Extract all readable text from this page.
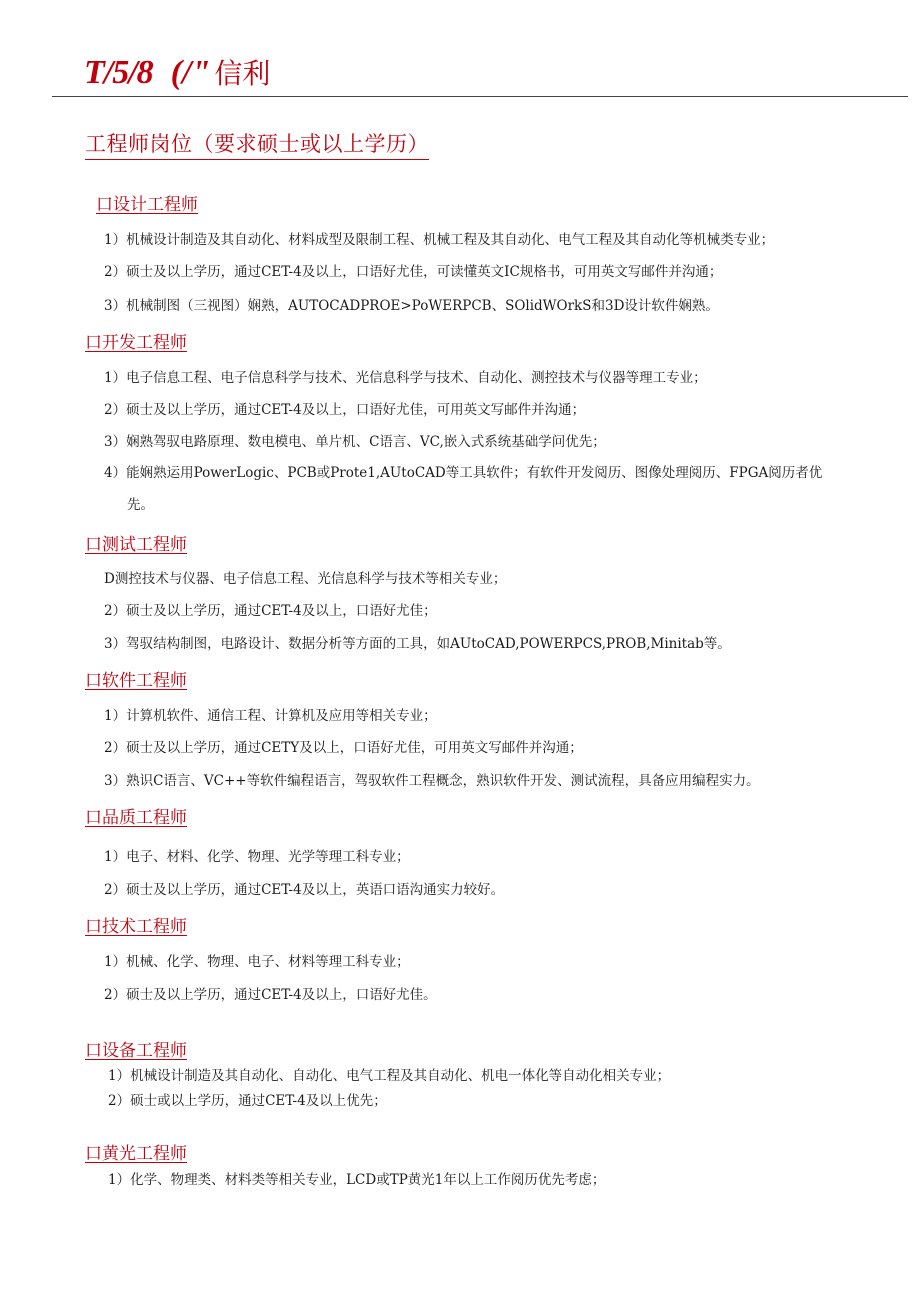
T/5/8 (/" 信利
工程师岗位（要求硕士或以上学历）
口设计工程师
1）机械设计制造及其自动化、材料成型及限制工程、机械工程及其自动化、电气工程及其自动化等机械类专业；
2）硕士及以上学历，通过CET-4及以上，口语好尤佳，可读懂英文IC规格书，可用英文写邮件并沟通；
3）机械制图（三视图）娴熟，AUTOCADPROE>PoWERPCB、SOlidWOrkS和3D设计软件娴熟。
口开发工程师
1）电子信息工程、电子信息科学与技术、光信息科学与技术、自动化、测控技术与仪器等理工专业；
2）硕士及以上学历，通过CET-4及以上，口语好尤佳，可用英文写邮件并沟通；
3）娴熟驾驭电路原理、数电模电、单片机、C语言、VC,嵌入式系统基础学问优先；
4）能娴熟运用PowerLogic、PCB或Prote1,AUtoCAD等工具软件；有软件开发阅历、图像处理阅历、FPGA阅历者优
先。
口测试工程师
D测控技术与仪器、电子信息工程、光信息科学与技术等相关专业；
2）硕士及以上学历，通过CET-4及以上，口语好尤佳；
3）驾驭结构制图，电路设计、数据分析等方面的工具，如AUtoCAD,POWERPCS,PROB,Minitab等。
口软件工程师
1）计算机软件、通信工程、计算机及应用等相关专业；
2）硕士及以上学历，通过CETY及以上，口语好尤佳，可用英文写邮件并沟通；
3）熟识C语言、VC++等软件编程语言，驾驭软件工程概念，熟识软件开发、测试流程，具备应用编程实力。
口品质工程师
1）电子、材料、化学、物理、光学等理工科专业；
2）硕士及以上学历，通过CET-4及以上，英语口语沟通实力较好。
口技术工程师
1）机械、化学、物理、电子、材料等理工科专业；
2）硕士及以上学历，通过CET-4及以上，口语好尤佳。
口设备工程师
1）机械设计制造及其自动化、自动化、电气工程及其自动化、机电一体化等自动化相关专业；
2）硕士或以上学历，通过CET-4及以上优先；
口黄光工程师
1）化学、物理类、材料类等相关专业，LCD或TP黄光1年以上工作阅历优先考虑；
